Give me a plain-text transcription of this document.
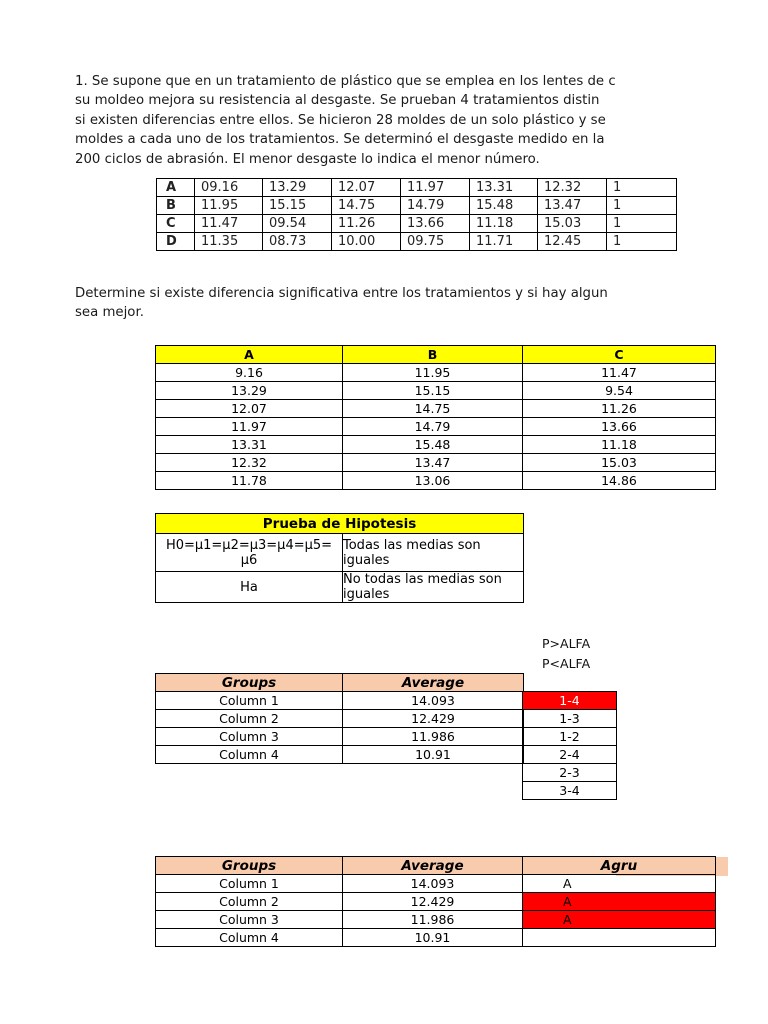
1. Se supone que en un tratamiento de plástico que se emplea en los lentes de c
su moldeo mejora su resistencia al desgaste. Se prueban 4 tratamientos distin
si existen diferencias entre ellos. Se hicieron 28 moldes de un solo plástico y se
moldes a cada uno de los tratamientos. Se determinó el desgaste medido en la
200 ciclos de abrasión. El menor desgaste lo indica el menor número.
A	09.16	13.29	12.07	11.97	13.31	12.32	1
B	11.95	15.15	14.75	14.79	15.48	13.47	1
C	11.47	09.54	11.26	13.66	11.18	15.03	1
D	11.35	08.73	10.00	09.75	11.71	12.45	1
Determine si existe diferencia significativa entre los tratamientos y si hay algun
sea mejor.
A	B	C
9.16	11.95	11.47
13.29	15.15	9.54
12.07	14.75	11.26
11.97	14.79	13.66
13.31	15.48	11.18
12.32	13.47	15.03
11.78	13.06	14.86
Prueba de Hipotesis	
H0=µ1=µ2=µ3=µ4=µ5= µ6	Todas las medias son iguales
Ha	No todas las medias son iguales
P>ALFA
P<ALFA
Groups	Average
Column 1	14.093
Column 2	12.429
Column 3	11.986
Column 4	10.91
1-4
1-3
1-2
2-4
2-3
3-4
Groups	Average	Agru
Column 1	14.093	A
Column 2	12.429	A
Column 3	11.986	A
Column 4	10.91	
